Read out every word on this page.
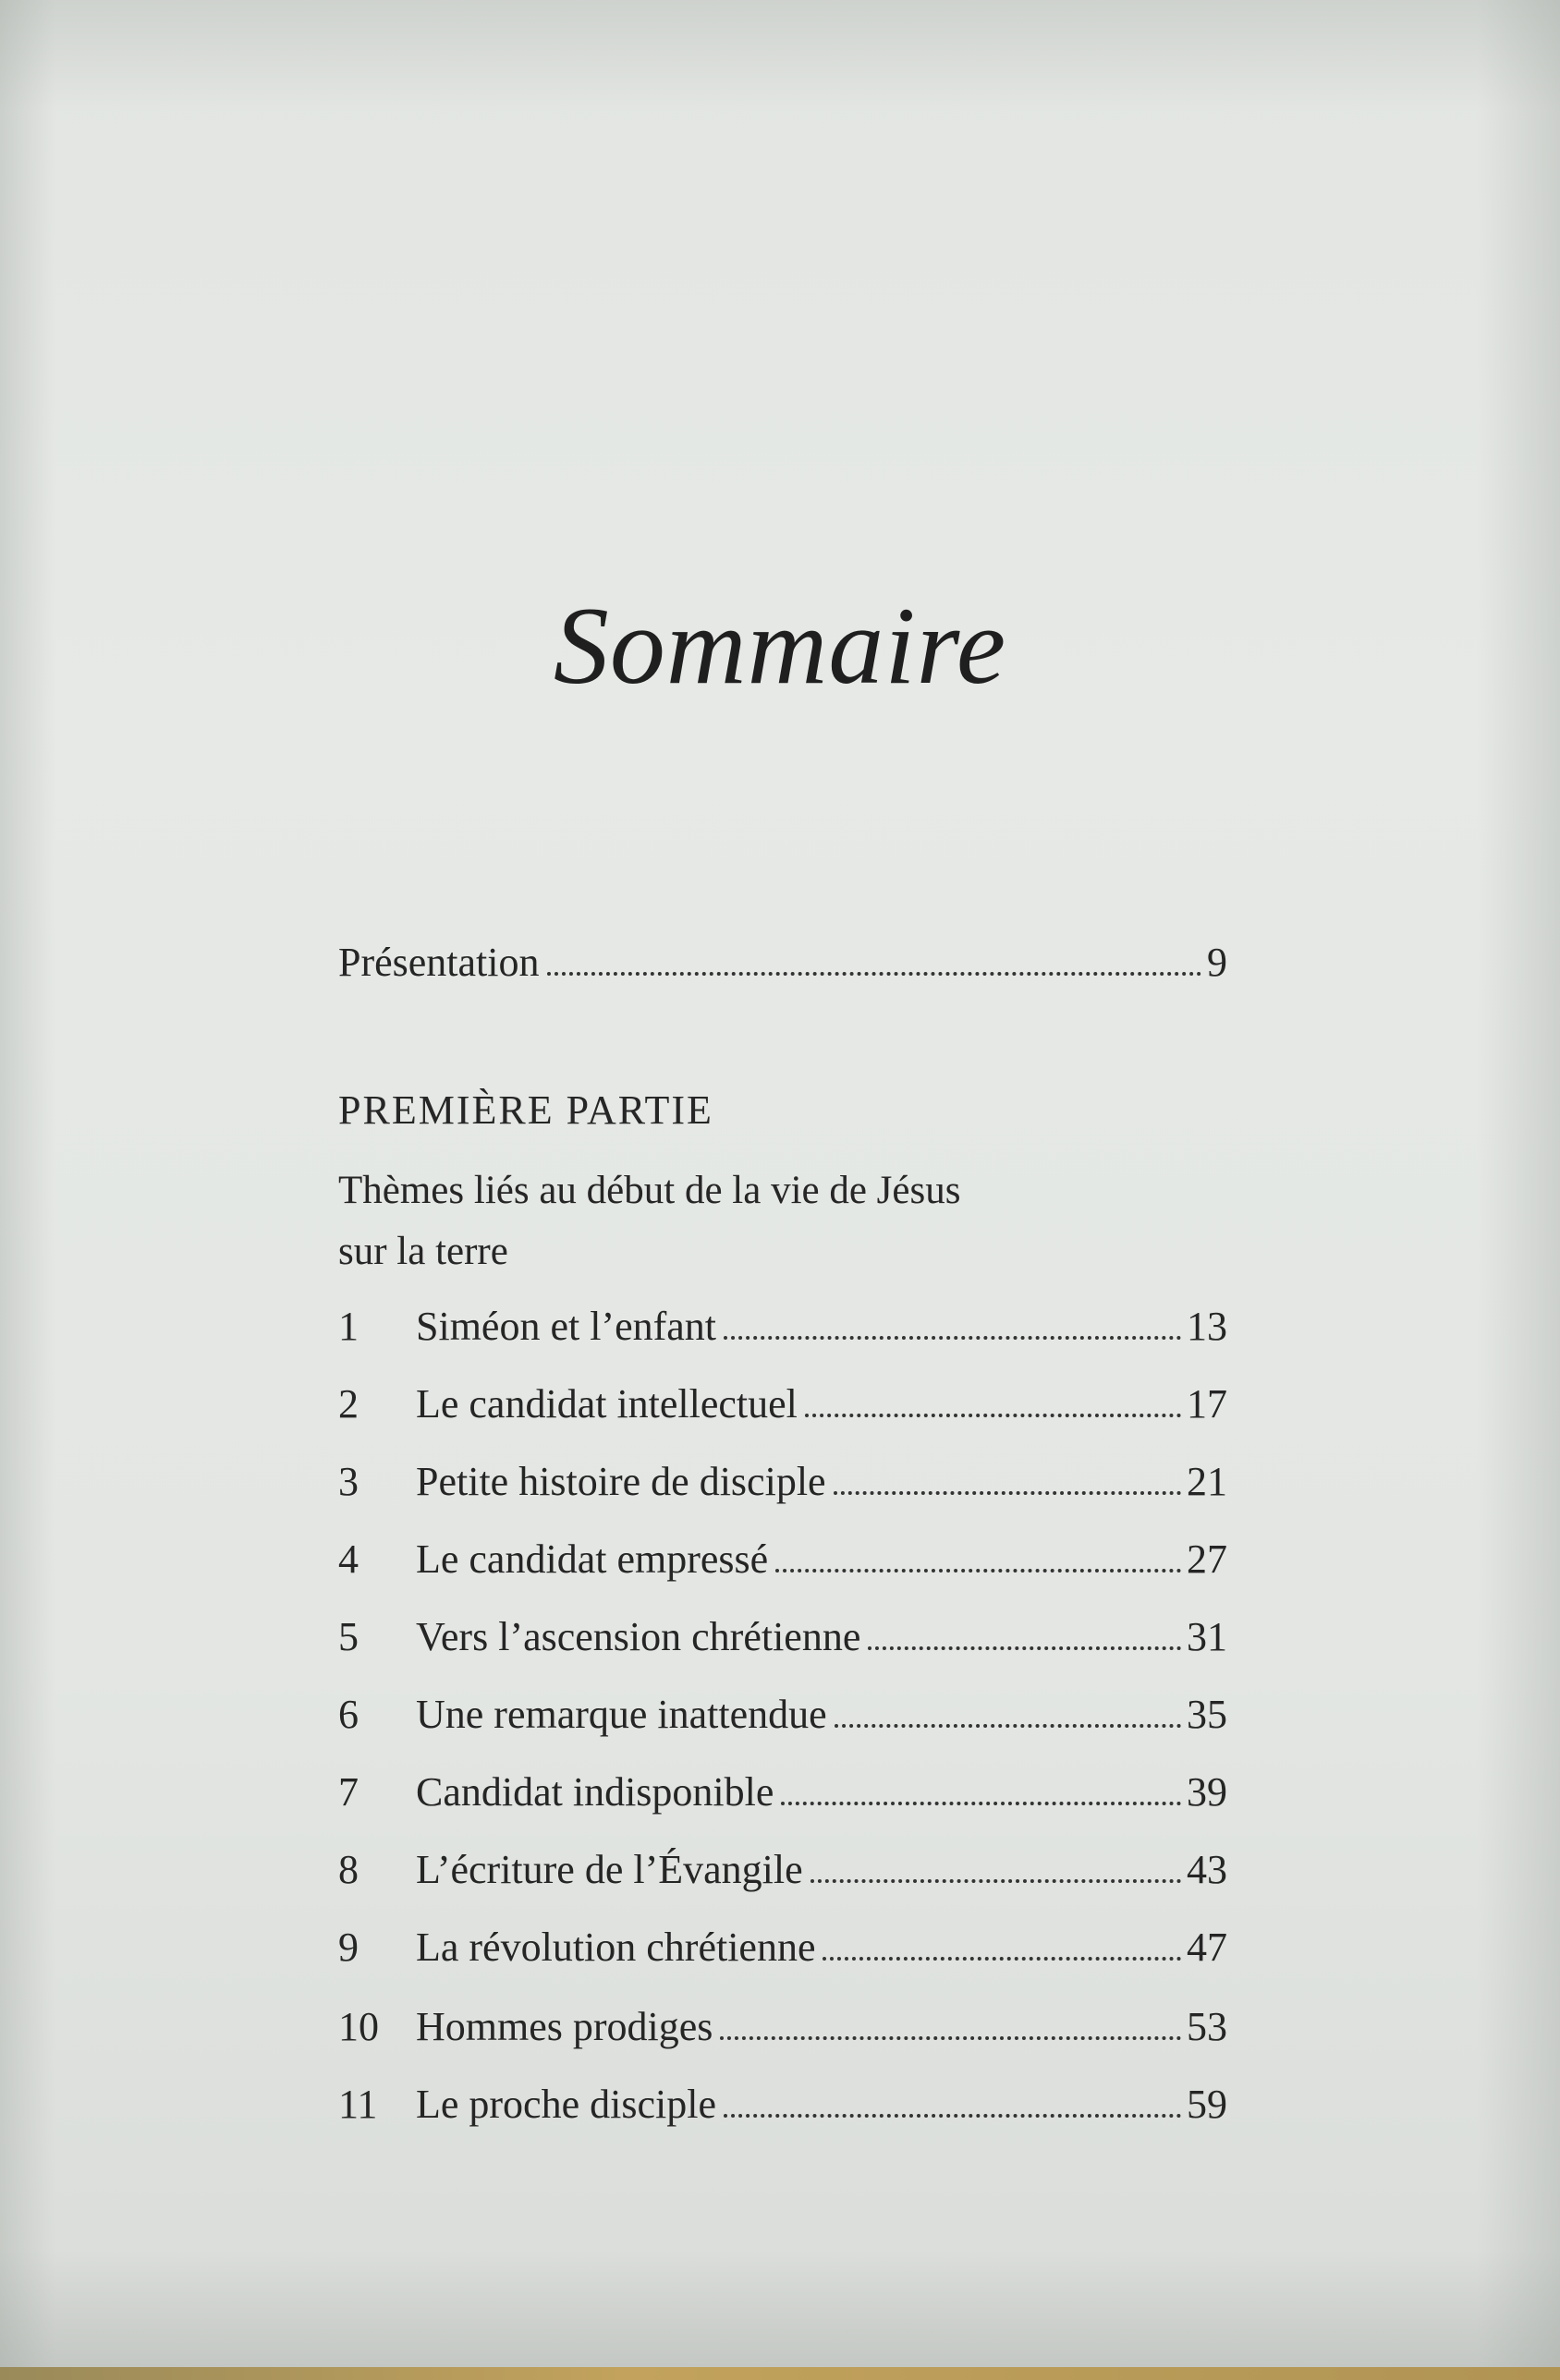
Sommaire
Présentation	9
PREMIÈRE PARTIE
Thèmes liés au début de la vie de Jésus
sur la terre
1	Siméon et l’enfant	13
2	Le candidat intellectuel	17
3	Petite histoire de disciple	21
4	Le candidat empressé	27
5	Vers l’ascension chrétienne	31
6	Une remarque inattendue	35
7	Candidat indisponible	39
8	L’écriture de l’Évangile	43
9	La révolution chrétienne	47
10 Hommes prodiges	53
11 Le proche disciple	59
